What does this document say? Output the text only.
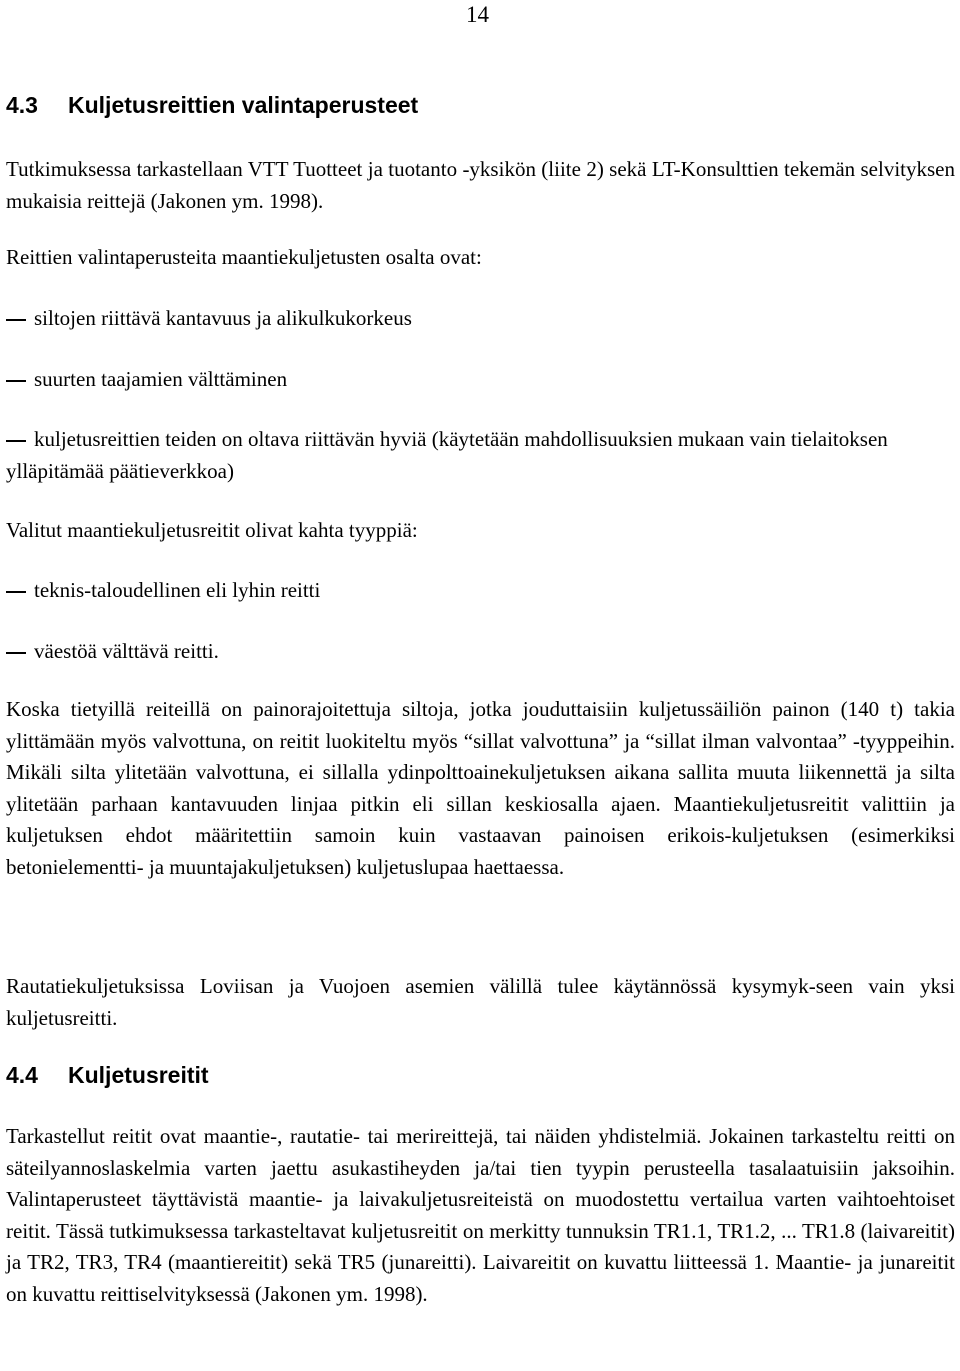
14
4.3 Kuljetusreittien valintaperusteet

Tutkimuksessa tarkastellaan VTT Tuotteet ja tuotanto -yksikön (liite 2) sekä LT-Konsulttien tekemän selvityksen mukaisia reittejä (Jakonen ym. 1998).

Reittien valintaperusteita maantiekuljetusten osalta ovat:

siltojen riittävä kantavuus ja alikulkukorkeus
suurten taajamien välttäminen
kuljetusreittien teiden on oltava riittävän hyviä (käytetään mahdollisuuksien mukaan vain tielaitoksen ylläpitämää päätieverkkoa)

Valitut maantiekuljetusreitit olivat kahta tyyppiä:

teknis-taloudellinen eli lyhin reitti
väestöä välttävä reitti.

Koska tietyillä reiteillä on painorajoitettuja siltoja, jotka jouduttaisiin kuljetussäiliön painon (140 t) takia ylittämään myös valvottuna, on reitit luokiteltu myös “sillat valvottuna” ja “sillat ilman valvontaa” -tyyppeihin. Mikäli silta ylitetään valvottuna, ei sillalla ydinpolttoainekuljetuksen aikana sallita muuta liikennettä ja silta ylitetään parhaan kantavuuden linjaa pitkin eli sillan keskiosalla ajaen. Maantiekuljetusreitit valittiin ja kuljetuksen ehdot määritettiin samoin kuin vastaavan painoisen erikois-kuljetuksen (esimerkiksi betonielementti- ja muuntajakuljetuksen) kuljetuslupaa haettaessa.

Rautatiekuljetuksissa Loviisan ja Vuojoen asemien välillä tulee käytännössä kysymyk-seen vain yksi kuljetusreitti.

4.4 Kuljetusreitit

Tarkastellut reitit ovat maantie-, rautatie- tai merireittejä, tai näiden yhdistelmiä. Jokainen tarkasteltu reitti on säteilyannoslaskelmia varten jaettu asukastiheyden ja/tai tien tyypin perusteella tasalaatuisiin jaksoihin. Valintaperusteet täyttävistä maantie- ja laivakuljetusreiteistä on muodostettu vertailua varten vaihtoehtoiset reitit. Tässä tutkimuksessa tarkasteltavat kuljetusreitit on merkitty tunnuksin TR1.1, TR1.2, ... TR1.8 (laivareitit) ja TR2, TR3, TR4 (maantiereitit) sekä TR5 (junareitti). Laivareitit on kuvattu liitteessä 1. Maantie- ja junareitit on kuvattu reittiselvityksessä (Jakonen ym. 1998).
